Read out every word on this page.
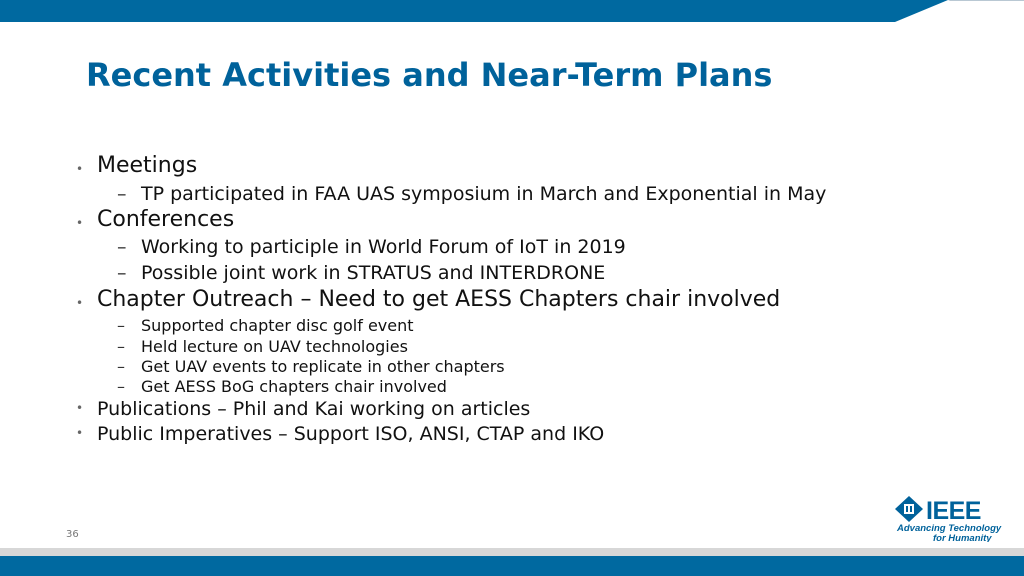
Recent Activities and Near-Term Plans
• Meetings
– TP participated in FAA UAS symposium in March and Exponential in May
• Conferences
– Working to participle in World Forum of IoT in 2019
– Possible joint work in STRATUS and INTERDRONE
• Chapter Outreach – Need to get AESS Chapters chair involved
– Supported chapter disc golf event
– Held lecture on UAV technologies
– Get UAV events to replicate in other chapters
– Get AESS BoG chapters chair involved
• Publications – Phil and Kai working on articles
• Public Imperatives – Support ISO, ANSI, CTAP and IKO
36
IEEE
Advancing Technology
for Humanity
